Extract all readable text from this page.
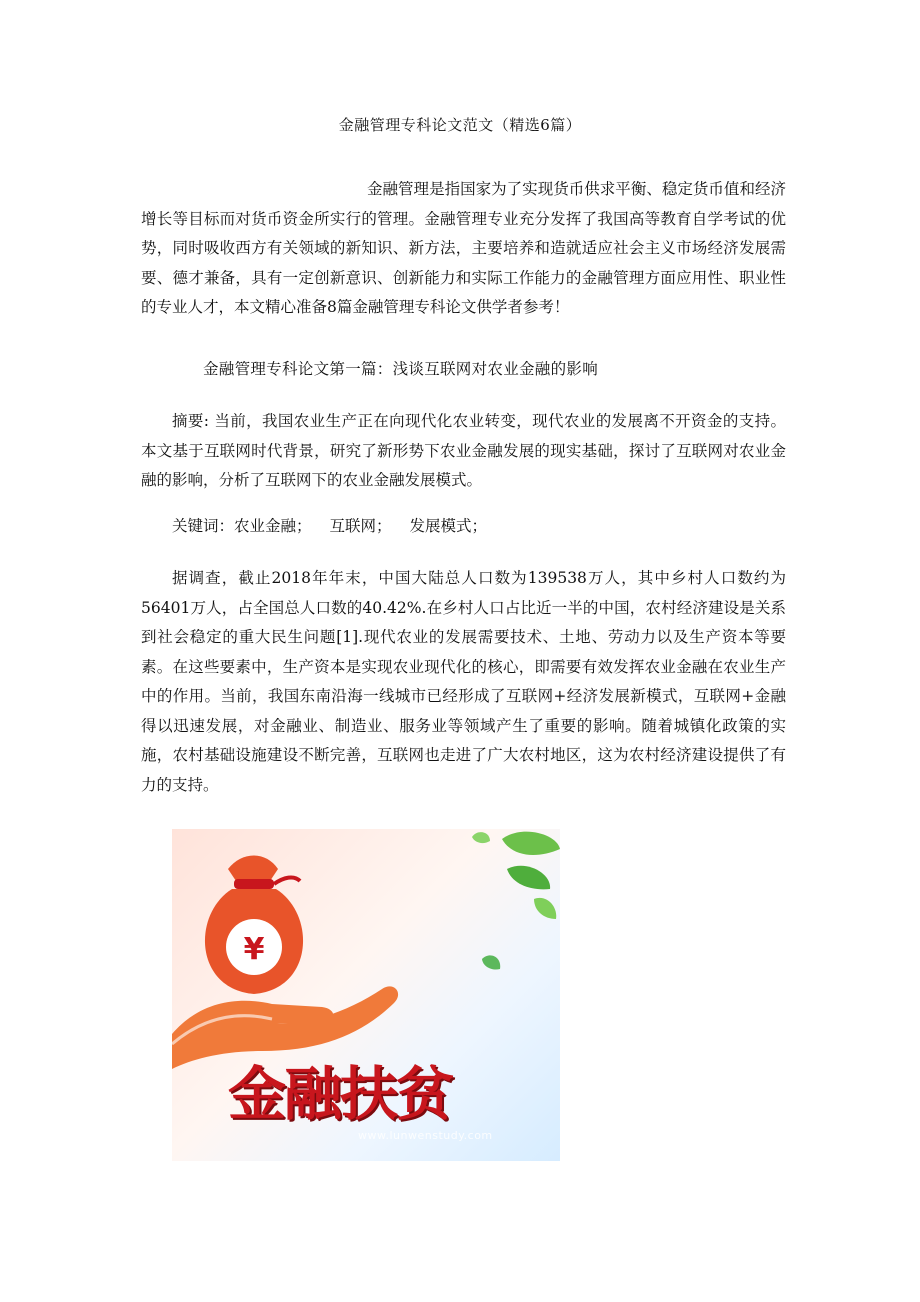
金融管理专科论文范文（精选6篇）

金融管理是指国家为了实现货币供求平衡、稳定货币值和经济增长等目标而对货币资金所实行的管理。金融管理专业充分发挥了我国高等教育自学考试的优势，同时吸收西方有关领域的新知识、新方法，主要培养和造就适应社会主义市场经济发展需要、德才兼备，具有一定创新意识、创新能力和实际工作能力的金融管理方面应用性、职业性的专业人才，本文精心准备8篇金融管理专科论文供学者参考！

金融管理专科论文第一篇：浅谈互联网对农业金融的影响

摘要: 当前，我国农业生产正在向现代化农业转变，现代农业的发展离不开资金的支持。本文基于互联网时代背景，研究了新形势下农业金融发展的现实基础，探讨了互联网对农业金融的影响，分析了互联网下的农业金融发展模式。

关键词：农业金融； 互联网； 发展模式；

据调查，截止2018年年末，中国大陆总人口数为139538万人，其中乡村人口数约为56401万人，占全国总人口数的40.42%.在乡村人口占比近一半的中国，农村经济建设是关系到社会稳定的重大民生问题[1].现代农业的发展需要技术、土地、劳动力以及生产资本等要素。在这些要素中，生产资本是实现农业现代化的核心，即需要有效发挥农业金融在农业生产中的作用。当前，我国东南沿海一线城市已经形成了互联网+经济发展新模式，互联网+金融得以迅速发展，对金融业、制造业、服务业等领域产生了重要的影响。随着城镇化政策的实施，农村基础设施建设不断完善，互联网也走进了广大农村地区，这为农村经济建设提供了有力的支持。

¥
金融扶贫
www.lunwenstudy.com
